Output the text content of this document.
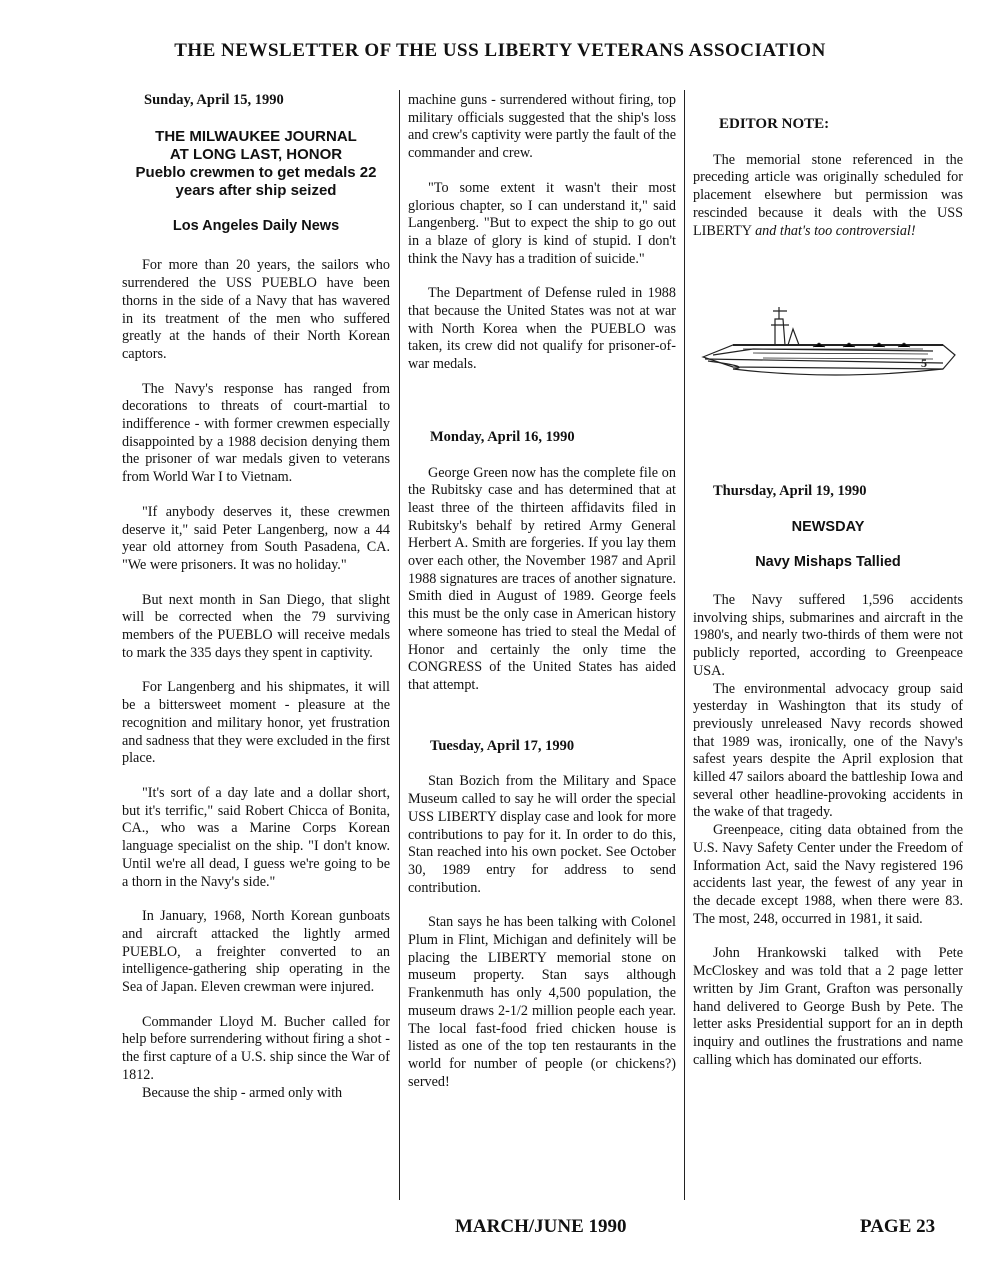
THE NEWSLETTER OF THE USS LIBERTY VETERANS ASSOCIATION
Sunday, April 15, 1990
THE MILWAUKEE JOURNAL
AT LONG LAST, HONOR
Pueblo crewmen to get medals 22 years after ship seized
Los Angeles Daily News

For more than 20 years, the sailors who surrendered the USS PUEBLO have been thorns in the side of a Navy that has wavered in its treatment of the men who suffered greatly at the hands of their North Korean captors.

The Navy's response has ranged from decorations to threats of court-martial to indifference - with former crewmen especially disappointed by a 1988 decision denying them the prisoner of war medals given to veterans from World War I to Vietnam.

"If anybody deserves it, these crewmen deserve it," said Peter Langenberg, now a 44 year old attorney from South Pasadena, CA. "We were prisoners. It was no holiday."

But next month in San Diego, that slight will be corrected when the 79 surviving members of the PUEBLO will receive medals to mark the 335 days they spent in captivity.

For Langenberg and his shipmates, it will be a bittersweet moment - pleasure at the recognition and military honor, yet frustration and sadness that they were excluded in the first place.

"It's sort of a day late and a dollar short, but it's terrific," said Robert Chicca of Bonita, CA., who was a Marine Corps Korean language specialist on the ship. "I don't know. Until we're all dead, I guess we're going to be a thorn in the Navy's side."

In January, 1968, North Korean gunboats and aircraft attacked the lightly armed PUEBLO, a freighter converted to an intelligence-gathering ship operating in the Sea of Japan. Eleven crewman were injured.

Commander Lloyd M. Bucher called for help before surrendering without firing a shot - the first capture of a U.S. ship since the War of 1812.

Because the ship - armed only with

machine guns - surrendered without firing, top military officials suggested that the ship's loss and crew's captivity were partly the fault of the commander and crew.

"To some extent it wasn't their most glorious chapter, so I can understand it," said Langenberg. "But to expect the ship to go out in a blaze of glory is kind of stupid. I don't think the Navy has a tradition of suicide."

The Department of Defense ruled in 1988 that because the United States was not at war with North Korea when the PUEBLO was taken, its crew did not qualify for prisoner-of-war medals.

Monday, April 16, 1990

George Green now has the complete file on the Rubitsky case and has determined that at least three of the thirteen affidavits filed in Rubitsky's behalf by retired Army General Herbert A. Smith are forgeries. If you lay them over each other, the November 1987 and April 1988 signatures are traces of another signature. Smith died in August of 1989. George feels this must be the only case in American history where someone has tried to steal the Medal of Honor and certainly the only time the CONGRESS of the United States has aided that attempt.

Tuesday, April 17, 1990

Stan Bozich from the Military and Space Museum called to say he will order the special USS LIBERTY display case and look for more contributions to pay for it. In order to do this, Stan reached into his own pocket. See October 30, 1989 entry for address to send contribution.

Stan says he has been talking with Colonel Plum in Flint, Michigan and definitely will be placing the LIBERTY memorial stone on museum property. Stan says although Frankenmuth has only 4,500 population, the museum draws 2-1/2 million people each year. The local fast-food fried chicken house is listed as one of the top ten restaurants in the world for number of people (or chickens?) served!

EDITOR NOTE:

The memorial stone referenced in the preceding article was originally scheduled for placement elsewhere but permission was rescinded because it deals with the USS LIBERTY and that's too controversial!

5
Thursday, April 19, 1990
NEWSDAY
Navy Mishaps Tallied

The Navy suffered 1,596 accidents involving ships, submarines and aircraft in the 1980's, and nearly two-thirds of them were not publicly reported, according to Greenpeace USA.

The environmental advocacy group said yesterday in Washington that its study of previously unreleased Navy records showed that 1989 was, ironically, one of the Navy's safest years despite the April explosion that killed 47 sailors aboard the battleship Iowa and several other headline-provoking accidents in the wake of that tragedy.

Greenpeace, citing data obtained from the U.S. Navy Safety Center under the Freedom of Information Act, said the Navy registered 196 accidents last year, the fewest of any year in the decade except 1988, when there were 83. The most, 248, occurred in 1981, it said.

John Hrankowski talked with Pete McCloskey and was told that a 2 page letter written by Jim Grant, Grafton was personally hand delivered to George Bush by Pete. The letter asks Presidential support for an in depth inquiry and outlines the frustrations and name calling which has dominated our efforts.

MARCH/JUNE 1990	PAGE 23
